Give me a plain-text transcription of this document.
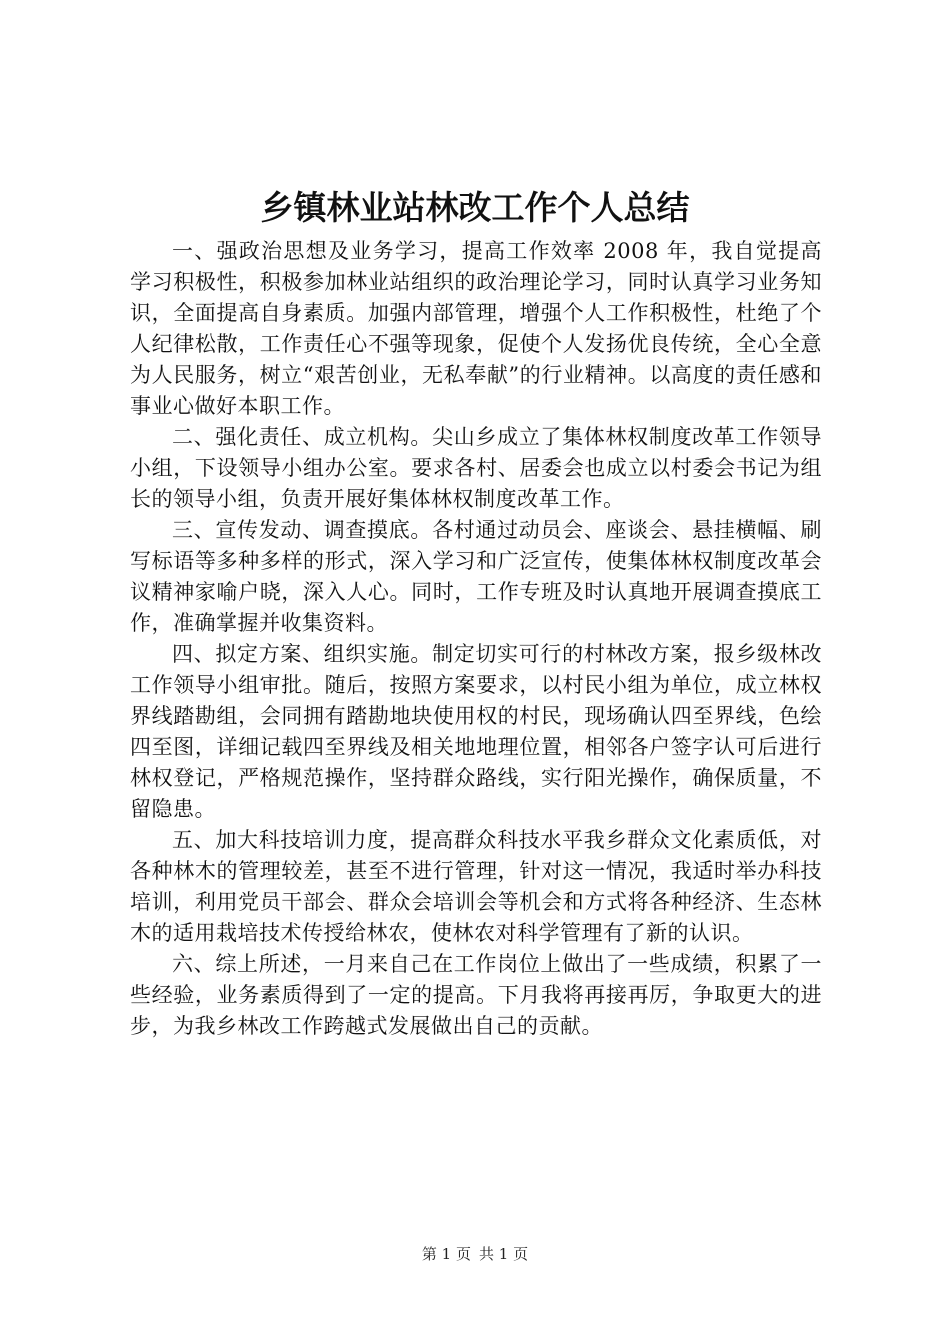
乡镇林业站林改工作个人总结

一、强政治思想及业务学习，提高工作效率 2008 年，我自觉提高学习积极性，积极参加林业站组织的政治理论学习，同时认真学习业务知识，全面提高自身素质。加强内部管理，增强个人工作积极性，杜绝了个人纪律松散，工作责任心不强等现象，促使个人发扬优良传统，全心全意为人民服务，树立“艰苦创业，无私奉献”的行业精神。以高度的责任感和事业心做好本职工作。

二、强化责任、成立机构。尖山乡成立了集体林权制度改革工作领导小组，下设领导小组办公室。要求各村、居委会也成立以村委会书记为组长的领导小组，负责开展好集体林权制度改革工作。

三、宣传发动、调查摸底。各村通过动员会、座谈会、悬挂横幅、刷写标语等多种多样的形式，深入学习和广泛宣传，使集体林权制度改革会议精神家喻户晓，深入人心。同时，工作专班及时认真地开展调查摸底工作，准确掌握并收集资料。

四、拟定方案、组织实施。制定切实可行的村林改方案，报乡级林改工作领导小组审批。随后，按照方案要求，以村民小组为单位，成立林权界线踏勘组，会同拥有踏勘地块使用权的村民，现场确认四至界线，色绘四至图，详细记载四至界线及相关地地理位置，相邻各户签字认可后进行林权登记，严格规范操作，坚持群众路线，实行阳光操作，确保质量，不留隐患。

五、加大科技培训力度，提高群众科技水平我乡群众文化素质低，对各种林木的管理较差，甚至不进行管理，针对这一情况，我适时举办科技培训，利用党员干部会、群众会培训会等机会和方式将各种经济、生态林木的适用栽培技术传授给林农，使林农对科学管理有了新的认识。

六、综上所述，一月来自己在工作岗位上做出了一些成绩，积累了一些经验，业务素质得到了一定的提高。下月我将再接再厉，争取更大的进步，为我乡林改工作跨越式发展做出自己的贡献。

第 1 页 共 1 页
